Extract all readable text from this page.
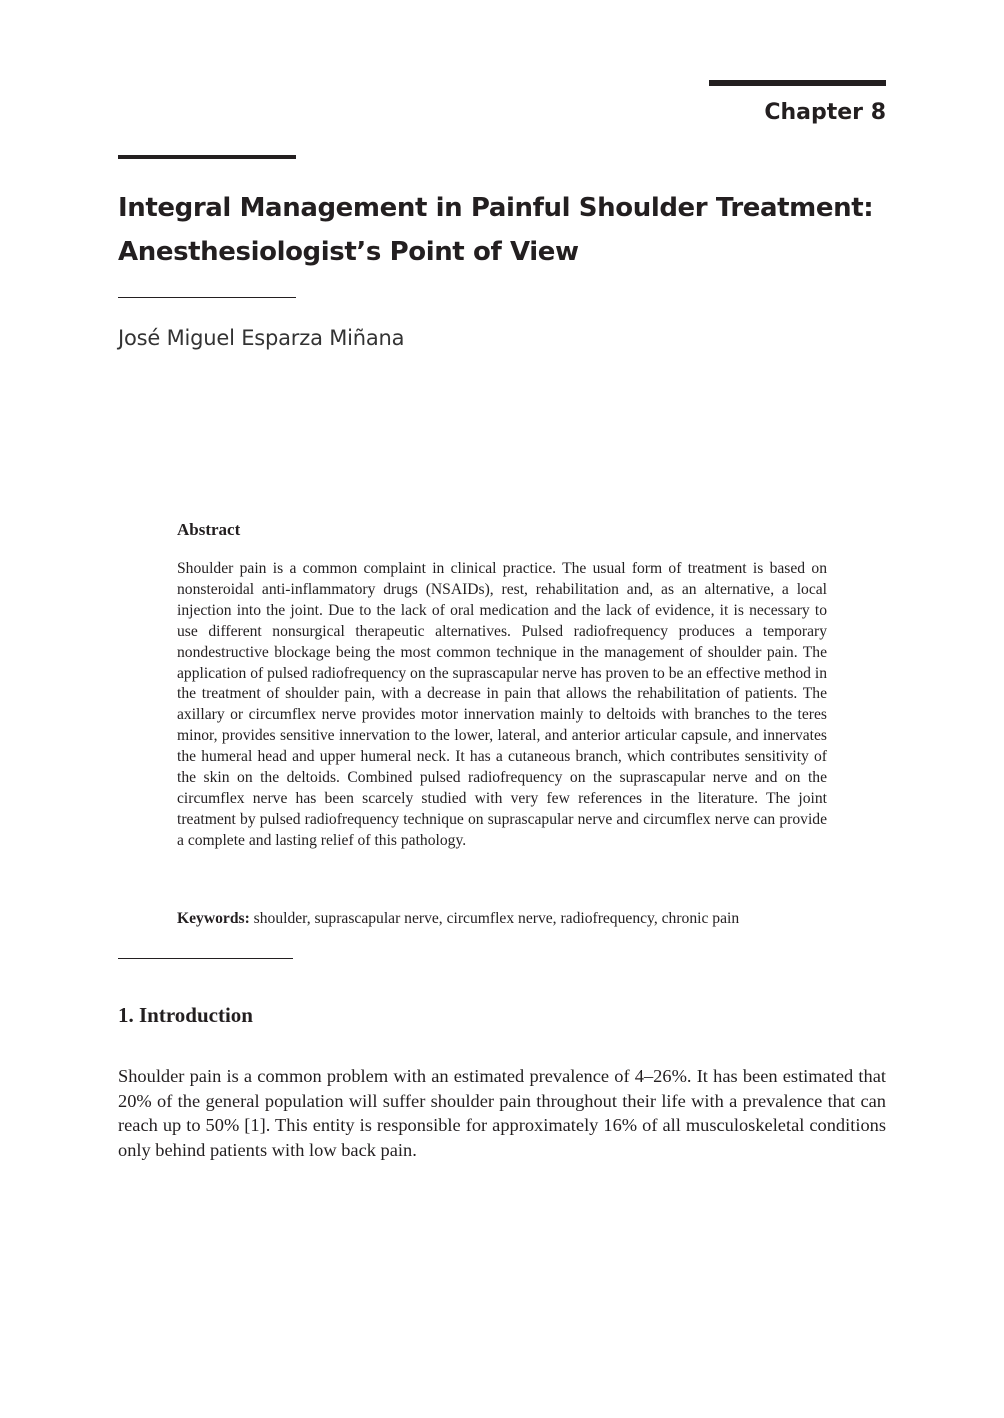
Chapter 8
Integral Management in Painful Shoulder Treatment:
Anesthesiologist’s Point of View
José Miguel Esparza Miñana
Abstract

Shoulder pain is a common complaint in clinical practice. The usual form of treatment is based on nonsteroidal anti-inflammatory drugs (NSAIDs), rest, rehabilitation and, as an alternative, a local injection into the joint. Due to the lack of oral medication and the lack of evidence, it is necessary to use different nonsurgical therapeutic alternatives. Pulsed radiofrequency produces a temporary nondestructive blockage being the most common technique in the management of shoulder pain. The application of pulsed radiofrequency on the suprascapular nerve has proven to be an effective method in the treatment of shoulder pain, with a decrease in pain that allows the rehabilitation of patients. The axillary or circumflex nerve provides motor innervation mainly to deltoids with branches to the teres minor, provides sensitive innervation to the lower, lateral, and anterior articular capsule, and innervates the humeral head and upper humeral neck. It has a cutaneous branch, which contributes sensitivity of the skin on the deltoids. Combined pulsed radiofrequency on the suprascapular nerve and on the circumflex nerve has been scarcely studied with very few references in the literature. The joint treatment by pulsed radiofrequency technique on suprascapular nerve and circumflex nerve can provide a complete and lasting relief of this pathology.

Keywords: shoulder, suprascapular nerve, circumflex nerve, radiofrequency, chronic pain

1. Introduction

Shoulder pain is a common problem with an estimated prevalence of 4–26%. It has been estimated that 20% of the general population will suffer shoulder pain throughout their life with a prevalence that can reach up to 50% [1]. This entity is responsible for approximately 16% of all musculoskeletal conditions only behind patients with low back pain.
